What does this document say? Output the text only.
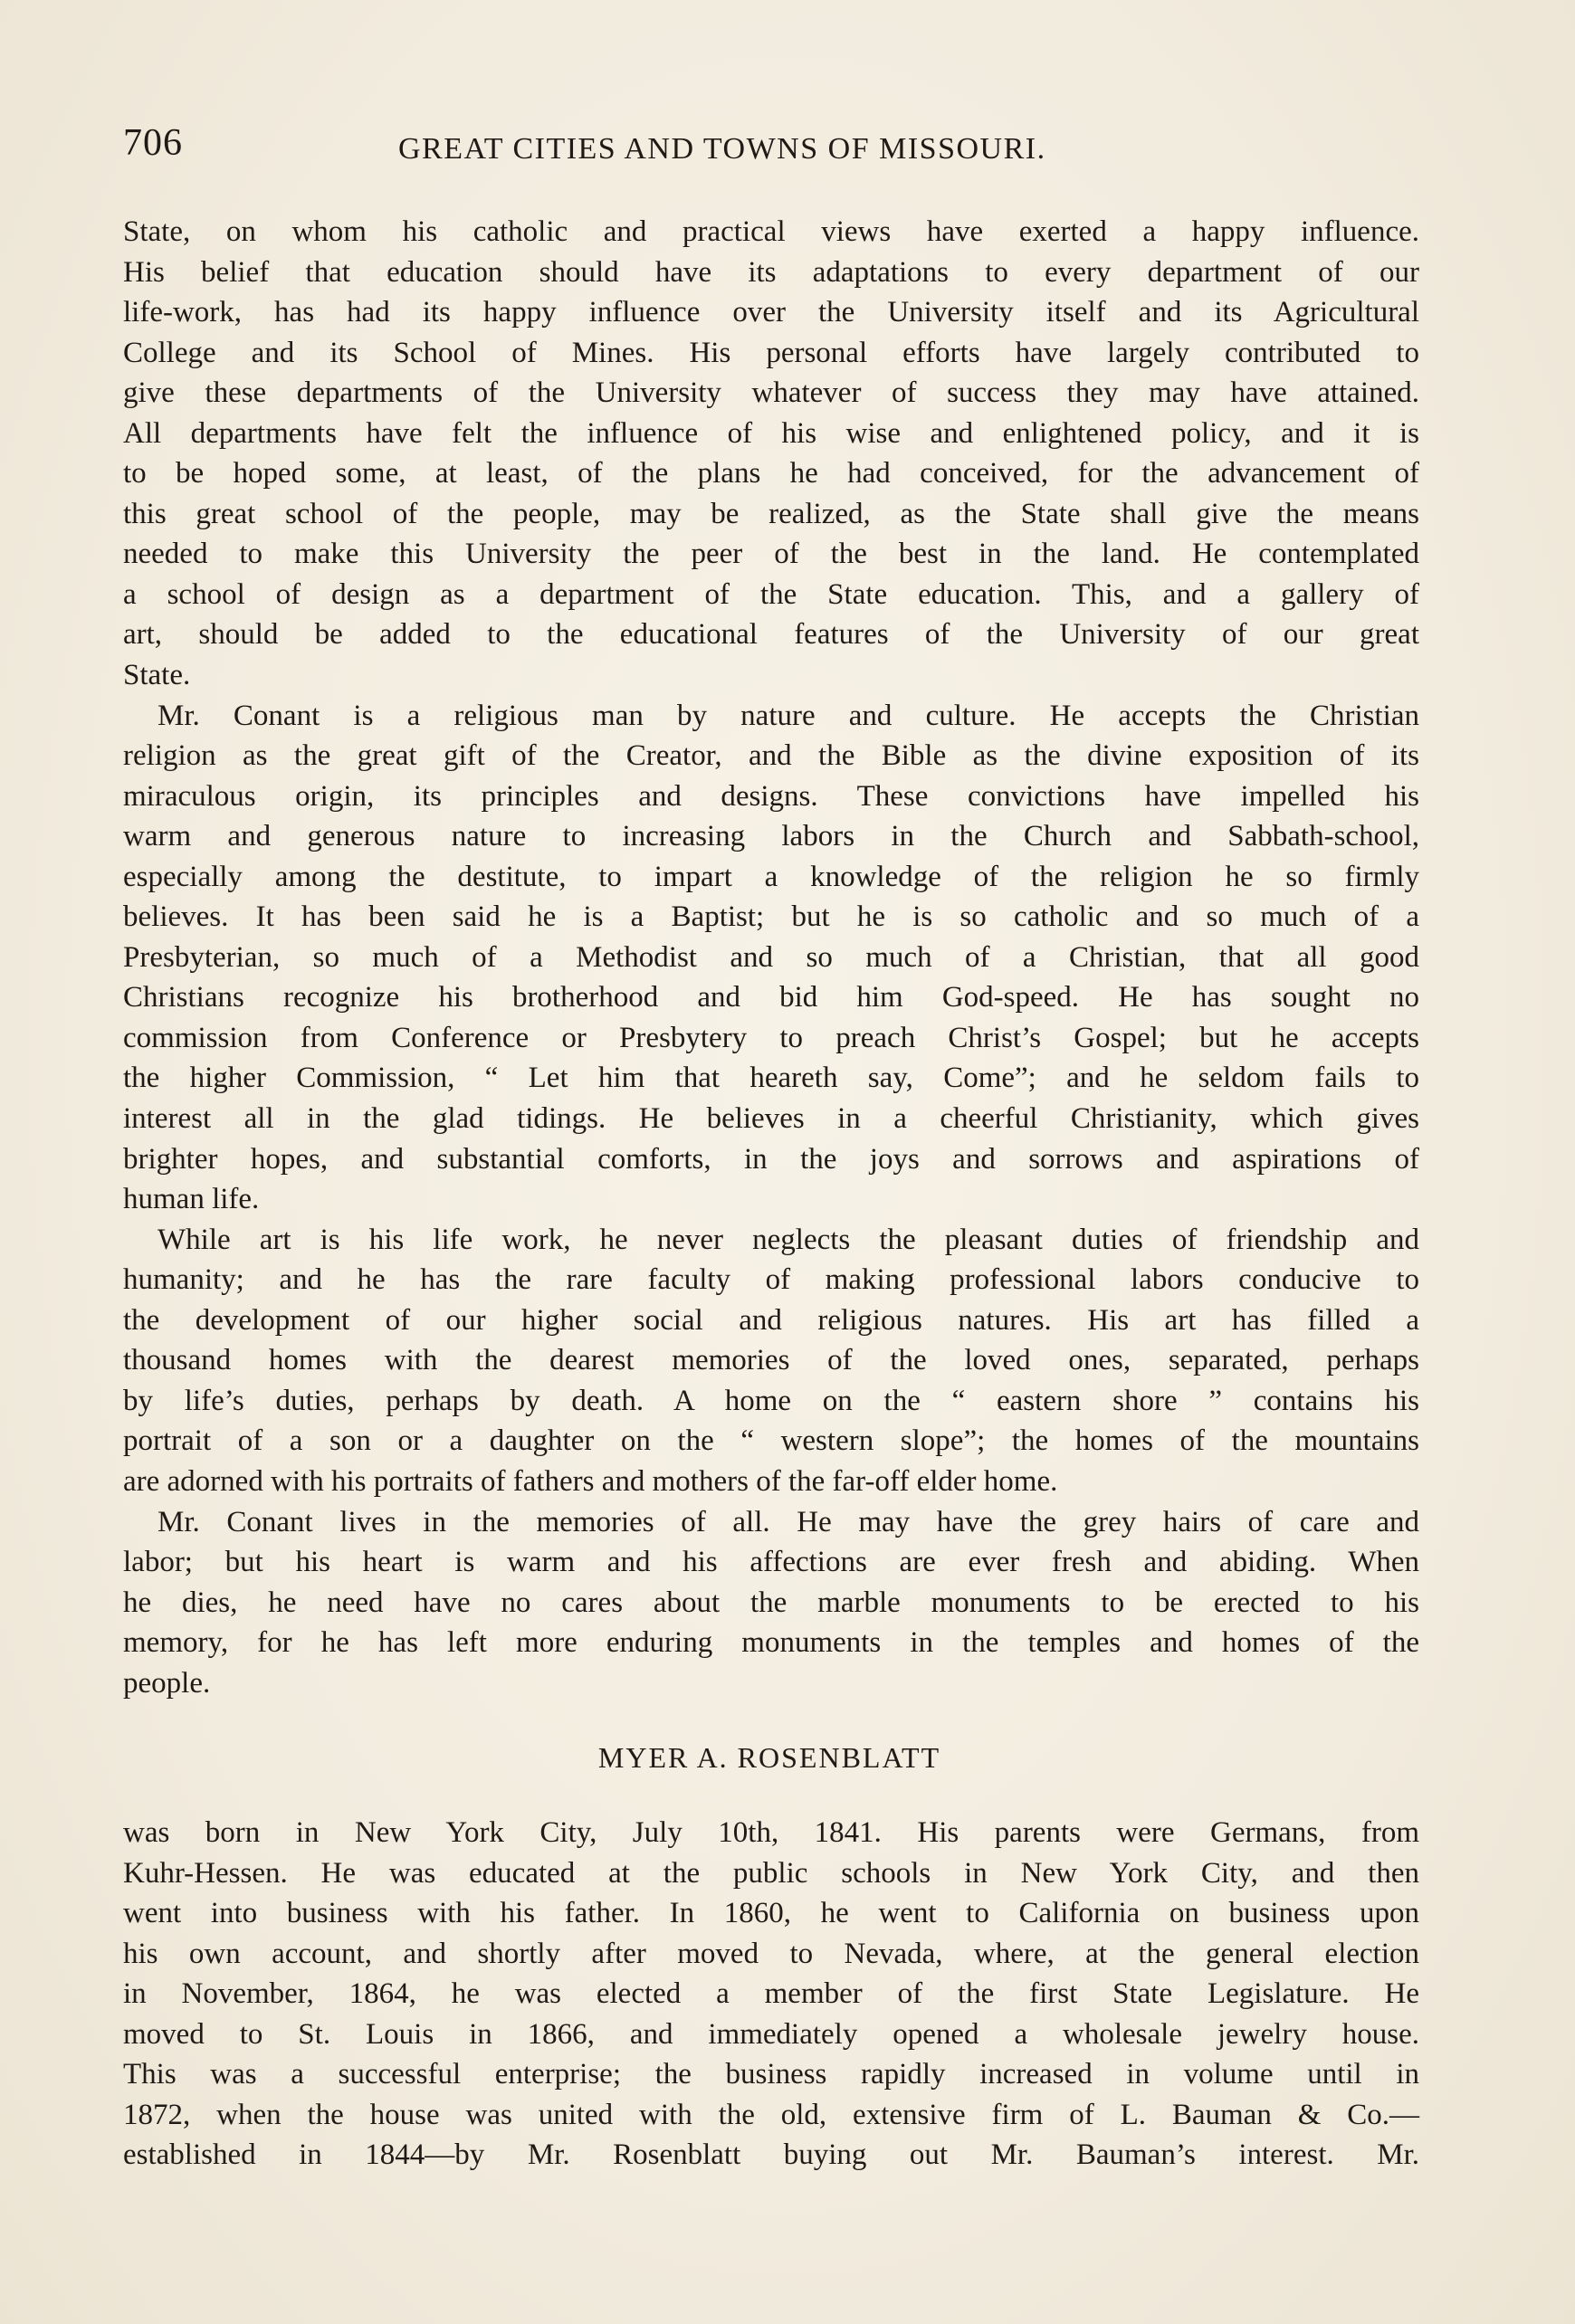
706	GREAT CITIES AND TOWNS OF MISSOURI.
State, on whom his catholic and practical views have exerted a happy influence.
His belief that education should have its adaptations to every department of our
life-work, has had its happy influence over the University itself and its Agricultural
College and its School of Mines. His personal efforts have largely contributed to
give these departments of the University whatever of success they may have attained.
All departments have felt the influence of his wise and enlightened policy, and it is
to be hoped some, at least, of the plans he had conceived, for the advancement of
this great school of the people, may be realized, as the State shall give the means
needed to make this University the peer of the best in the land. He contemplated
a school of design as a department of the State education. This, and a gallery of
art, should be added to the educational features of the University of our great
State.
Mr. Conant is a religious man by nature and culture. He accepts the Christian
religion as the great gift of the Creator, and the Bible as the divine exposition of its
miraculous origin, its principles and designs. These convictions have impelled his
warm and generous nature to increasing labors in the Church and Sabbath-school,
especially among the destitute, to impart a knowledge of the religion he so firmly
believes. It has been said he is a Baptist; but he is so catholic and so much of a
Presbyterian, so much of a Methodist and so much of a Christian, that all good
Christians recognize his brotherhood and bid him God-speed. He has sought no
commission from Conference or Presbytery to preach Christ’s Gospel; but he accepts
the higher Commission, “ Let him that heareth say, Come”; and he seldom fails to
interest all in the glad tidings. He believes in a cheerful Christianity, which gives
brighter hopes, and substantial comforts, in the joys and sorrows and aspirations of
human life.
While art is his life work, he never neglects the pleasant duties of friendship and
humanity; and he has the rare faculty of making professional labors conducive to
the development of our higher social and religious natures. His art has filled a
thousand homes with the dearest memories of the loved ones, separated, perhaps
by life’s duties, perhaps by death. A home on the “ eastern shore ” contains his
portrait of a son or a daughter on the “ western slope”; the homes of the mountains
are adorned with his portraits of fathers and mothers of the far-off elder home.
Mr. Conant lives in the memories of all. He may have the grey hairs of care and
labor; but his heart is warm and his affections are ever fresh and abiding. When
he dies, he need have no cares about the marble monuments to be erected to his
memory, for he has left more enduring monuments in the temples and homes of the
people.
MYER A. ROSENBLATT
was born in New York City, July 10th, 1841. His parents were Germans, from
Kuhr-Hessen. He was educated at the public schools in New York City, and then
went into business with his father. In 1860, he went to California on business upon
his own account, and shortly after moved to Nevada, where, at the general election
in November, 1864, he was elected a member of the first State Legislature. He
moved to St. Louis in 1866, and immediately opened a wholesale jewelry house.
This was a successful enterprise; the business rapidly increased in volume until in
1872, when the house was united with the old, extensive firm of L. Bauman & Co.—
established in 1844—by Mr. Rosenblatt buying out Mr. Bauman’s interest. Mr.
